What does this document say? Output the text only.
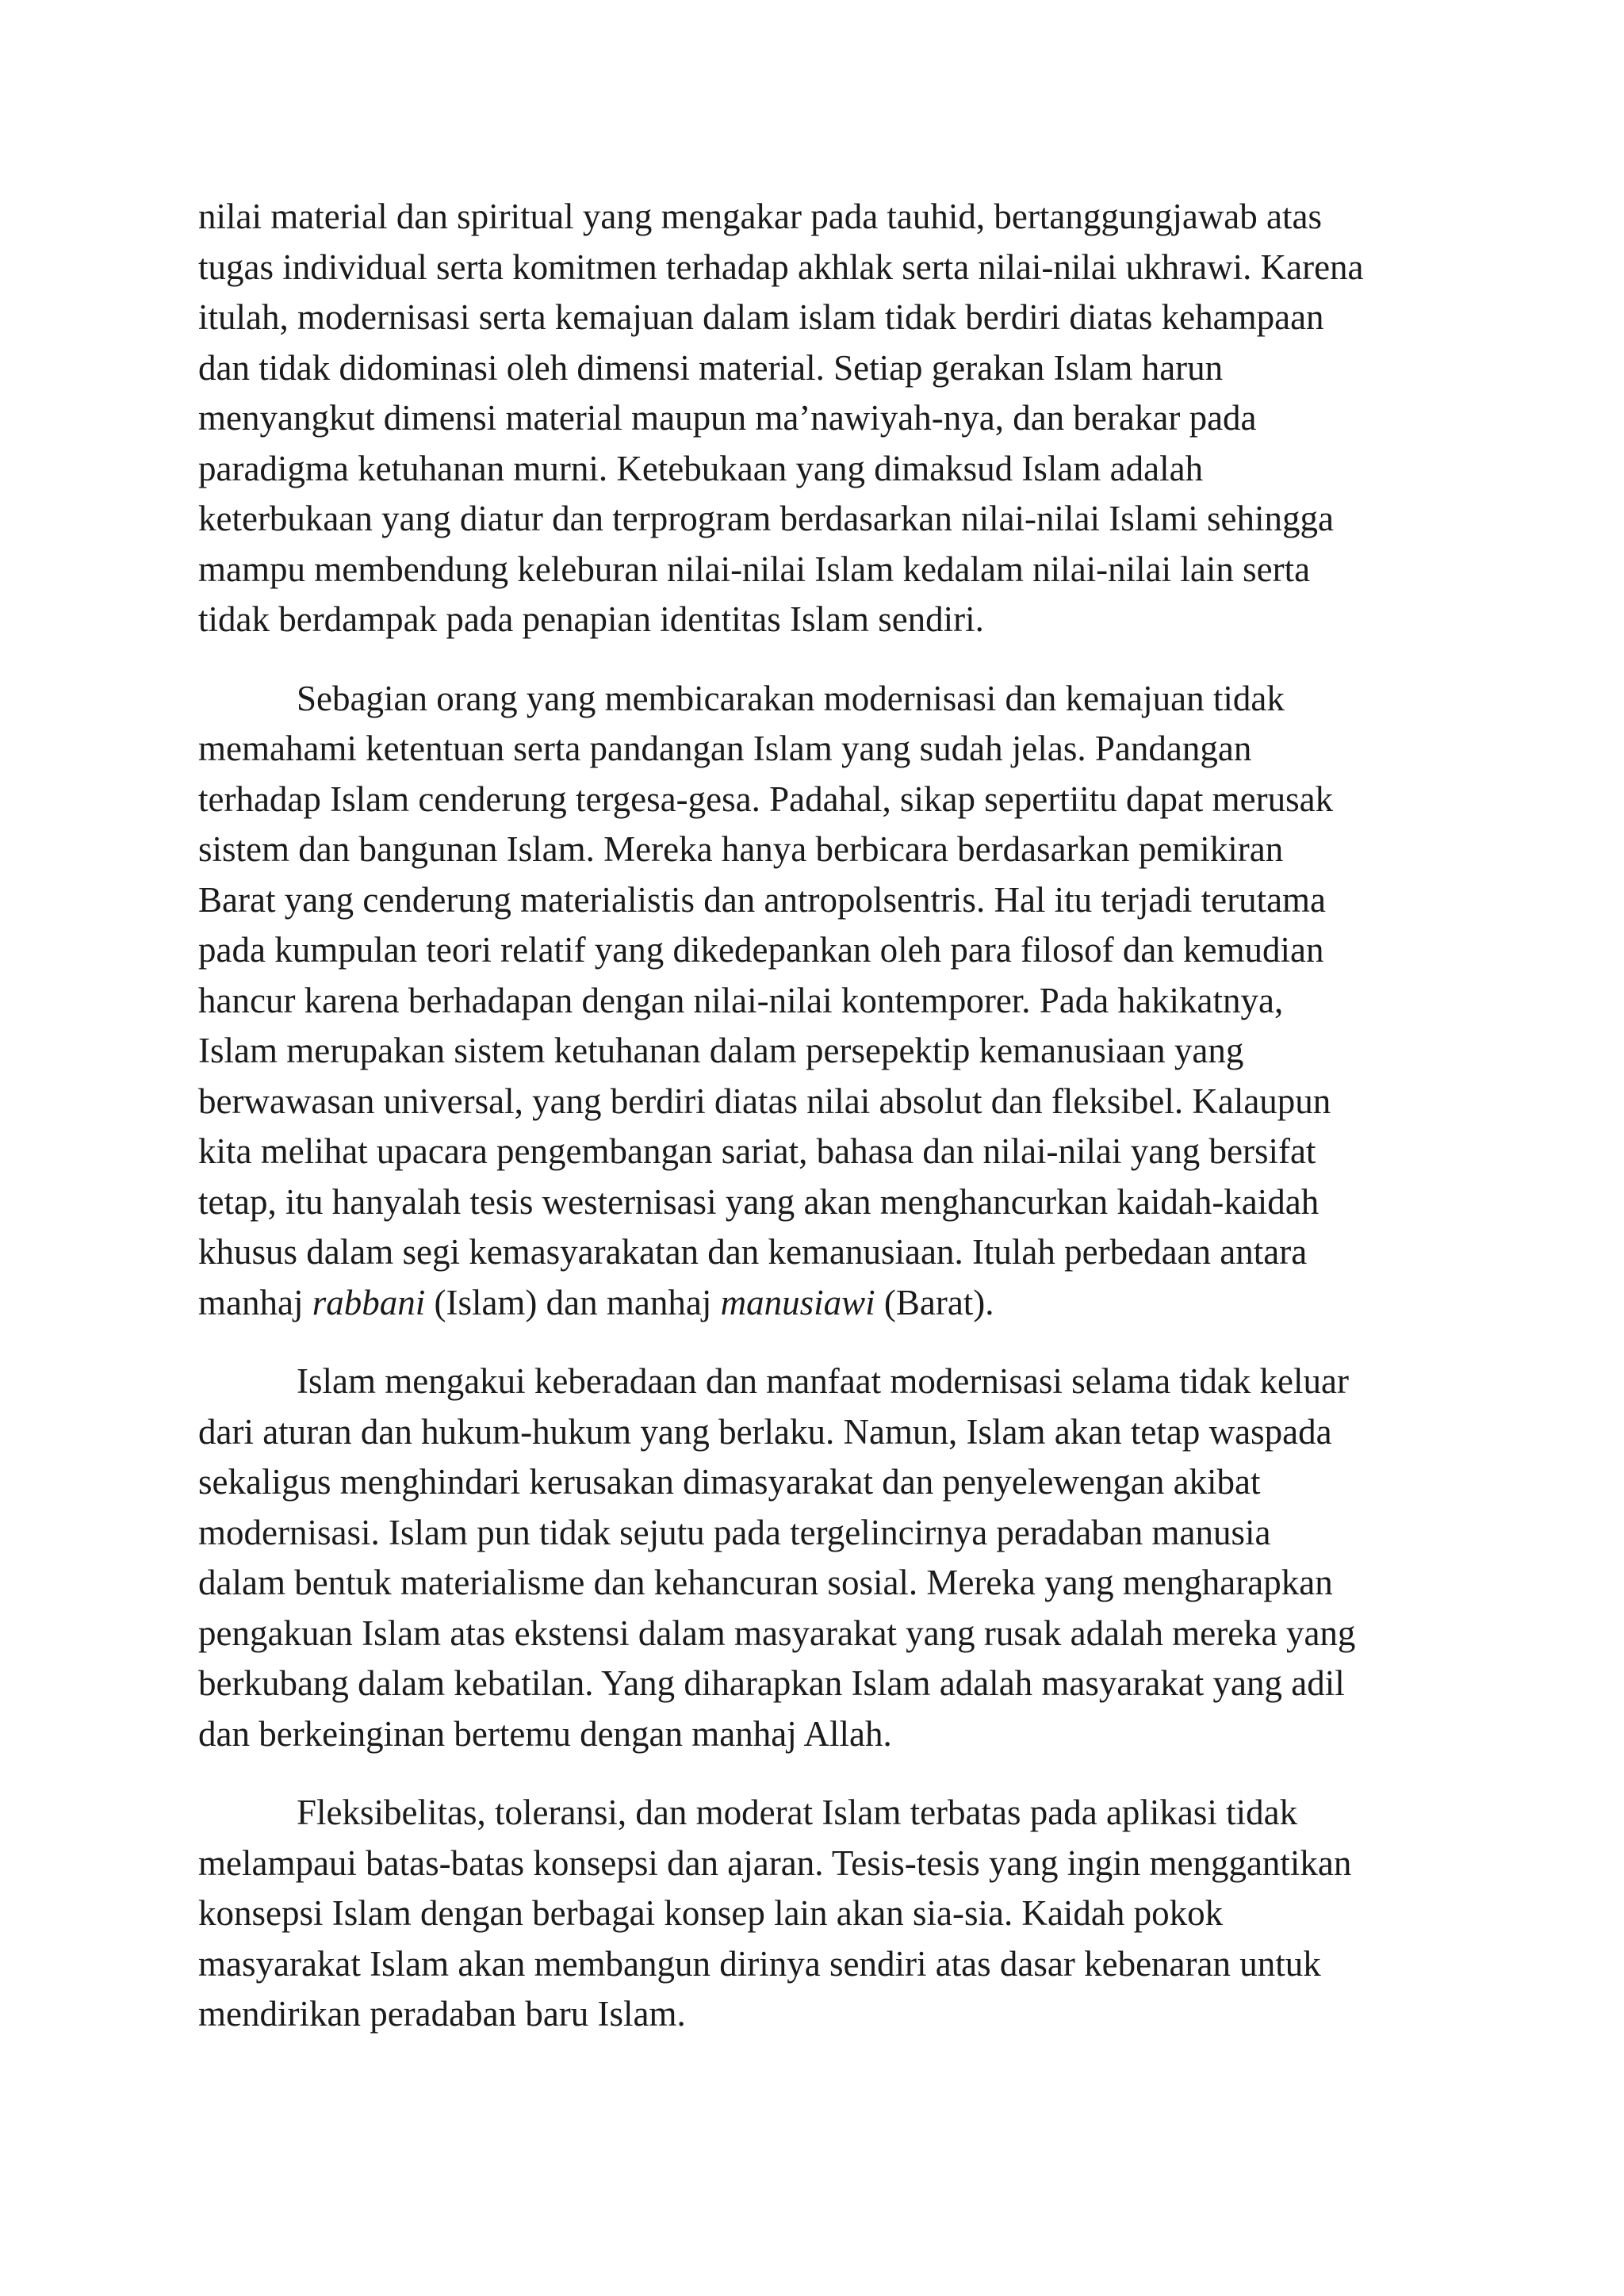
nilai material dan spiritual yang mengakar pada tauhid, bertanggungjawab atas
tugas individual serta komitmen terhadap akhlak serta nilai-nilai ukhrawi. Karena
itulah, modernisasi serta kemajuan dalam islam tidak berdiri diatas kehampaan
dan tidak didominasi oleh dimensi material. Setiap gerakan Islam harun
menyangkut dimensi material maupun ma’nawiyah-nya, dan berakar pada
paradigma ketuhanan murni. Ketebukaan yang dimaksud Islam adalah
keterbukaan yang diatur dan terprogram berdasarkan nilai-nilai Islami sehingga
mampu membendung keleburan nilai-nilai Islam kedalam nilai-nilai lain serta
tidak berdampak pada penapian identitas Islam sendiri.

Sebagian orang yang membicarakan modernisasi dan kemajuan tidak
memahami ketentuan serta pandangan Islam yang sudah jelas. Pandangan
terhadap Islam cenderung tergesa-gesa. Padahal, sikap sepertiitu dapat merusak
sistem dan bangunan Islam. Mereka hanya berbicara berdasarkan pemikiran
Barat yang cenderung materialistis dan antropolsentris. Hal itu terjadi terutama
pada kumpulan teori relatif yang dikedepankan oleh para filosof dan kemudian
hancur karena berhadapan dengan nilai-nilai kontemporer. Pada hakikatnya,
Islam merupakan sistem ketuhanan dalam persepektip kemanusiaan yang
berwawasan universal, yang berdiri diatas nilai absolut dan fleksibel. Kalaupun
kita melihat upacara pengembangan sariat, bahasa dan nilai-nilai yang bersifat
tetap, itu hanyalah tesis westernisasi yang akan menghancurkan kaidah-kaidah
khusus dalam segi kemasyarakatan dan kemanusiaan. Itulah perbedaan antara
manhaj rabbani (Islam) dan manhaj manusiawi (Barat).

Islam mengakui keberadaan dan manfaat modernisasi selama tidak keluar
dari aturan dan hukum-hukum yang berlaku. Namun, Islam akan tetap waspada
sekaligus menghindari kerusakan dimasyarakat dan penyelewengan akibat
modernisasi. Islam pun tidak sejutu pada tergelincirnya peradaban manusia
dalam bentuk materialisme dan kehancuran sosial. Mereka yang mengharapkan
pengakuan Islam atas ekstensi dalam masyarakat yang rusak adalah mereka yang
berkubang dalam kebatilan. Yang diharapkan Islam adalah masyarakat yang adil
dan berkeinginan bertemu dengan manhaj Allah.

Fleksibelitas, toleransi, dan moderat Islam terbatas pada aplikasi tidak
melampaui batas-batas konsepsi dan ajaran. Tesis-tesis yang ingin menggantikan
konsepsi Islam dengan berbagai konsep lain akan sia-sia. Kaidah pokok
masyarakat Islam akan membangun dirinya sendiri atas dasar kebenaran untuk
mendirikan peradaban baru Islam.
